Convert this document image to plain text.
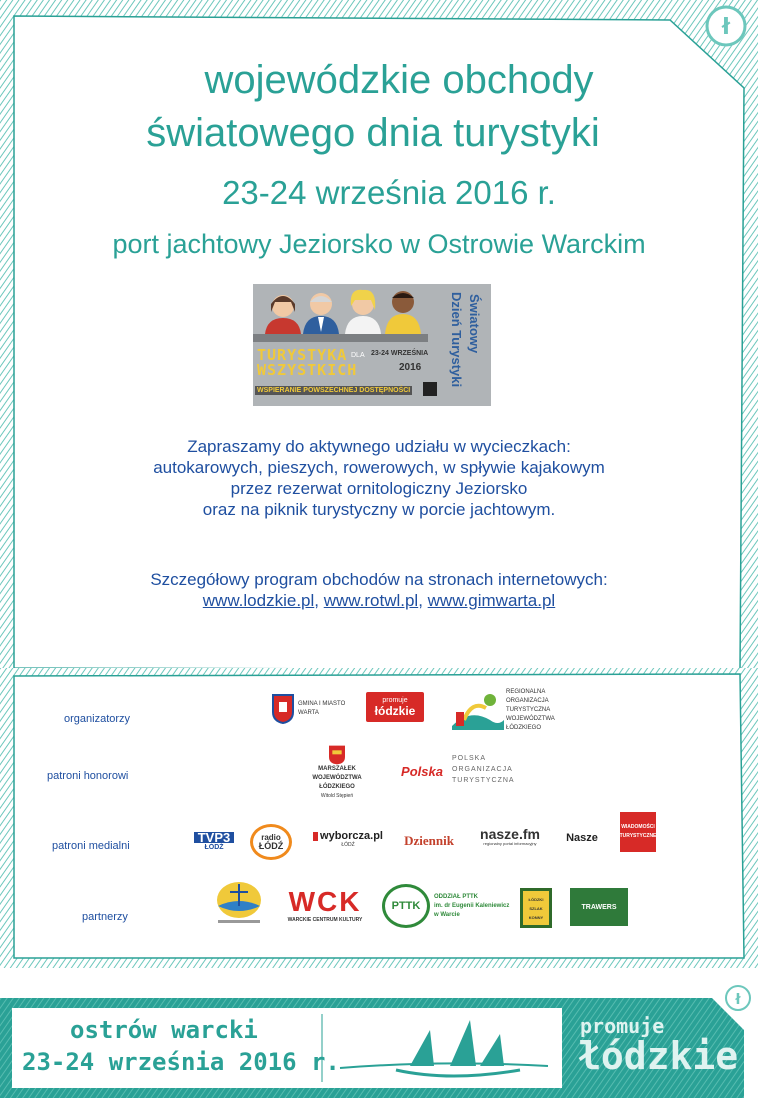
ł
wojewódzkie obchody
światowego dnia turystyki
23-24 września 2016 r.
port jachtowy Jeziorsko w Ostrowie Warckim
TURYSTYKA DLA
WSZYSTKICH
23-24 WRZEŚNIA
2016
WSPIERANIE POWSZECHNEJ DOSTĘPNOŚCI
Światowy
Dzień Turystyki
Zapraszamy do aktywnego udziału w wycieczkach:
autokarowych, pieszych, rowerowych, w spływie kajakowym
przez rezerwat ornitologiczny Jeziorsko
oraz na piknik turystyczny w porcie jachtowym.
Szczegółowy program obchodów na stronach internetowych:
www.lodzkie.pl, www.rotwl.pl, www.gimwarta.pl
organizatorzy
patroni honorowi
patroni medialni
partnerzy
GMINA I MIASTO WARTA
promuje
łódzkie
REGIONALNA ORGANIZACJA TURYSTYCZNA WOJEWÓDZTWA ŁÓDZKIEGO
MARSZAŁEK
WOJEWÓDZTWA ŁÓDZKIEGO
Witold Stępień
Polska
POLSKA
ORGANIZACJA
TURYSTYCZNA
TVP3
ŁÓDŹ
radio
ŁÓDŹ
wyborcza.pl
ŁÓDŹ	Dziennik nasze.fm
regionalny portal informacyjny	Nasze
WIADOMOŚCI
TURYSTYCZNE
WCK
WARCKIE CENTRUM KULTURY
PTTK
ODDZIAŁ PTTK
im. dr Eugenii Kaleniewicz
w Warcie
ŁÓDZKI
SZLAK KONNY
TRAWERS
ł
ostrów warcki
23-24 września 2016 r.
promuje
łódzkie
